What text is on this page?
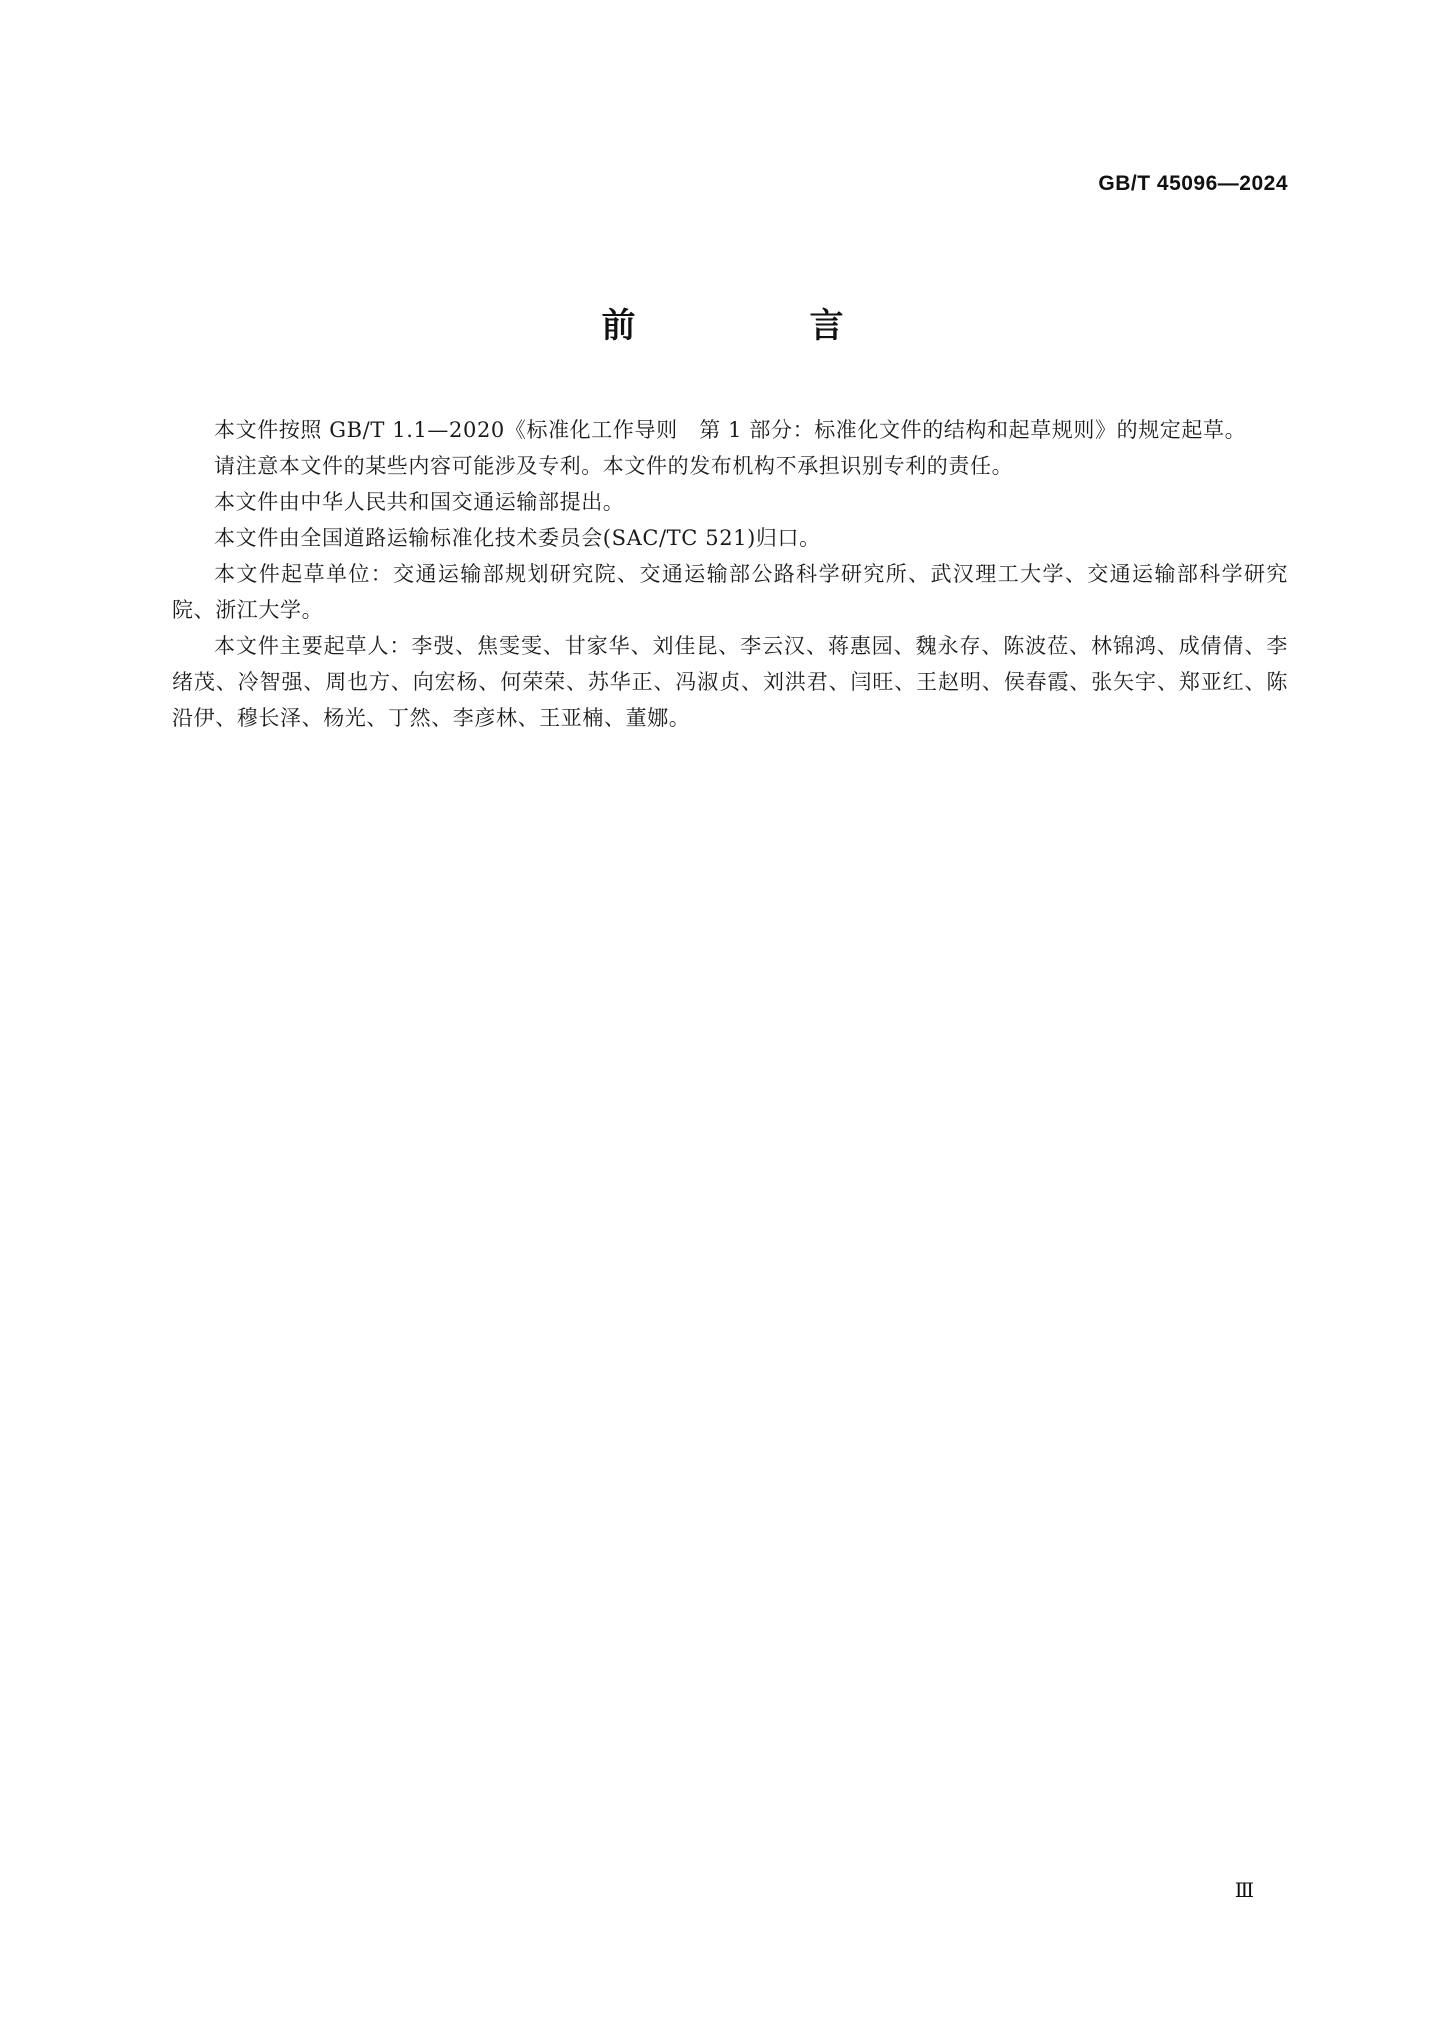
GB/T 45096—2024
前　言

本文件按照 GB/T 1.1—2020《标准化工作导则　第 1 部分：标准化文件的结构和起草规则》的规定起草。

请注意本文件的某些内容可能涉及专利。本文件的发布机构不承担识别专利的责任。

本文件由中华人民共和国交通运输部提出。

本文件由全国道路运输标准化技术委员会(SAC/TC 521)归口。

本文件起草单位：交通运输部规划研究院、交通运输部公路科学研究所、武汉理工大学、交通运输部科学研究院、浙江大学。

本文件主要起草人：李弢、焦雯雯、甘家华、刘佳昆、李云汉、蒋惠园、魏永存、陈波莅、林锦鸿、成倩倩、李绪茂、冷智强、周也方、向宏杨、何荣荣、苏华正、冯淑贞、刘洪君、闫旺、王赵明、侯春霞、张矢宇、郑亚红、陈沿伊、穆长泽、杨光、丁然、李彦林、王亚楠、董娜。

Ⅲ
